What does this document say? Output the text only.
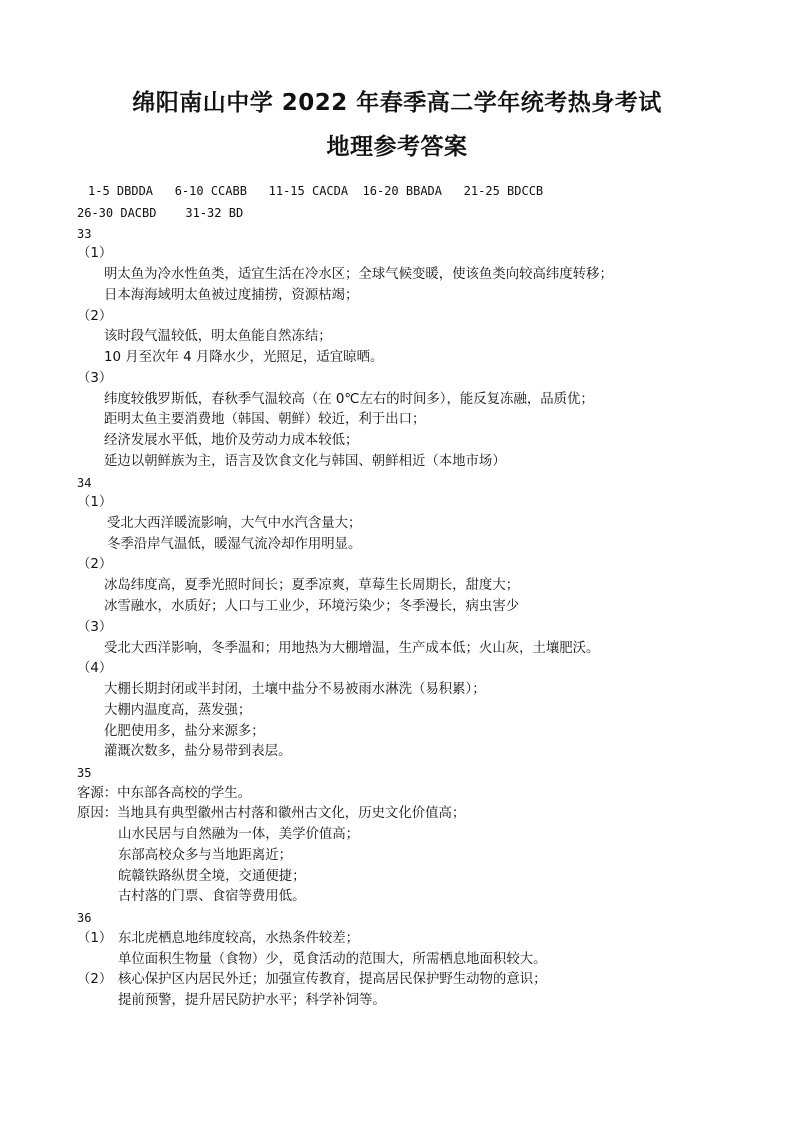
绵阳南山中学 2022 年春季高二学年统考热身考试
地理参考答案
1-5 DBDDA   6-10 CCABB   11-15 CACDA  16-20 BBADA   21-25 BDCCB
26-30 DACBD    31-32 BD
33
（1）
明太鱼为冷水性鱼类，适宜生活在冷水区；全球气候变暖，使该鱼类向较高纬度转移；
日本海海域明太鱼被过度捕捞，资源枯竭；
（2）
该时段气温较低，明太鱼能自然冻结；
10 月至次年 4 月降水少，光照足，适宜晾晒。
（3）
纬度较俄罗斯低，春秋季气温较高（在 0℃左右的时间多），能反复冻融，品质优；
距明太鱼主要消费地（韩国、朝鲜）较近，利于出口；
经济发展水平低，地价及劳动力成本较低；
延边以朝鲜族为主，语言及饮食文化与韩国、朝鲜相近（本地市场）
34
（1）
受北大西洋暖流影响，大气中水汽含量大；
冬季沿岸气温低，暖湿气流冷却作用明显。
（2）
冰岛纬度高，夏季光照时间长；夏季凉爽，草莓生长周期长，甜度大；
冰雪融水，水质好；人口与工业少，环境污染少；冬季漫长，病虫害少
（3）
受北大西洋影响，冬季温和；用地热为大棚增温，生产成本低；火山灰，土壤肥沃。
（4）
大棚长期封闭或半封闭，土壤中盐分不易被雨水淋洗（易积累）；
大棚内温度高，蒸发强；
化肥使用多，盐分来源多；
灌溉次数多，盐分易带到表层。
35
客源：中东部各高校的学生。
原因：当地具有典型徽州古村落和徽州古文化，历史文化价值高；
山水民居与自然融为一体，美学价值高；
东部高校众多与当地距离近；
皖赣铁路纵贯全境，交通便捷；
古村落的门票、食宿等费用低。
36
（1） 东北虎栖息地纬度较高，水热条件较差；
单位面积生物量（食物）少，觅食活动的范围大，所需栖息地面积较大。
（2） 核心保护区内居民外迁；加强宣传教育，提高居民保护野生动物的意识；
提前预警，提升居民防护水平；科学补饲等。
